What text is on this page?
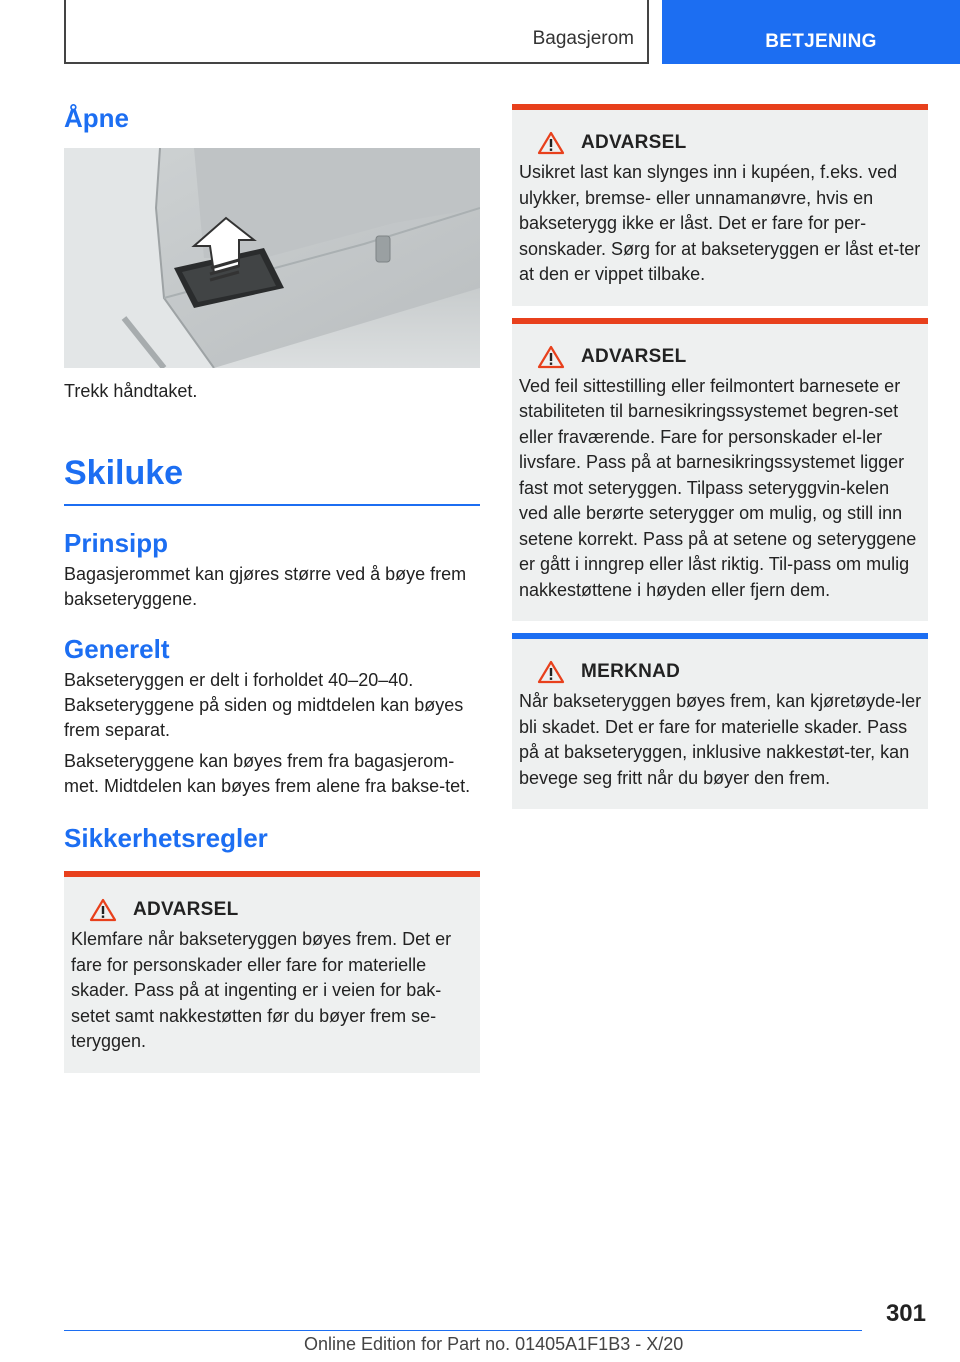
Bagasjerom	BETJENING
Åpne

Trekk håndtaket.

Skiluke
Prinsipp

Bagasjerommet kan gjøres større ved å bøye frem bakseteryggene.

Generelt

Bakseteryggen er delt i forholdet 40–20–40. Bakseteryggene på siden og midtdelen kan bøyes frem separat.

Bakseteryggene kan bøyes frem fra bagasjerom-met. Midtdelen kan bøyes frem alene fra bakse-tet.

Sikkerhetsregler
ADVARSEL

Klemfare når bakseteryggen bøyes frem. Det er fare for personskader eller fare for materielle skader. Pass på at ingenting er i veien for bak-setet samt nakkestøtten før du bøyer frem se-teryggen.

ADVARSEL

Usikret last kan slynges inn i kupéen, f.eks. ved ulykker, bremse- eller unnamanøvre, hvis en bakseterygg ikke er låst. Det er fare for per-sonskader. Sørg for at bakseteryggen er låst et-ter at den er vippet tilbake.

ADVARSEL

Ved feil sittestilling eller feilmontert barnesete er stabiliteten til barnesikringssystemet begren-set eller fraværende. Fare for personskader el-ler livsfare. Pass på at barnesikringssystemet ligger fast mot seteryggen. Tilpass seteryggvin-kelen ved alle berørte seterygger om mulig, og still inn setene korrekt. Pass på at setene og seteryggene er gått i inngrep eller låst riktig. Til-pass om mulig nakkestøttene i høyden eller fjern dem.

MERKNAD

Når bakseteryggen bøyes frem, kan kjøretøyde-ler bli skadet. Det er fare for materielle skader. Pass på at bakseteryggen, inklusive nakkestøt-ter, kan bevege seg fritt når du bøyer den frem.

301
Online Edition for Part no. 01405A1F1B3 - X/20
